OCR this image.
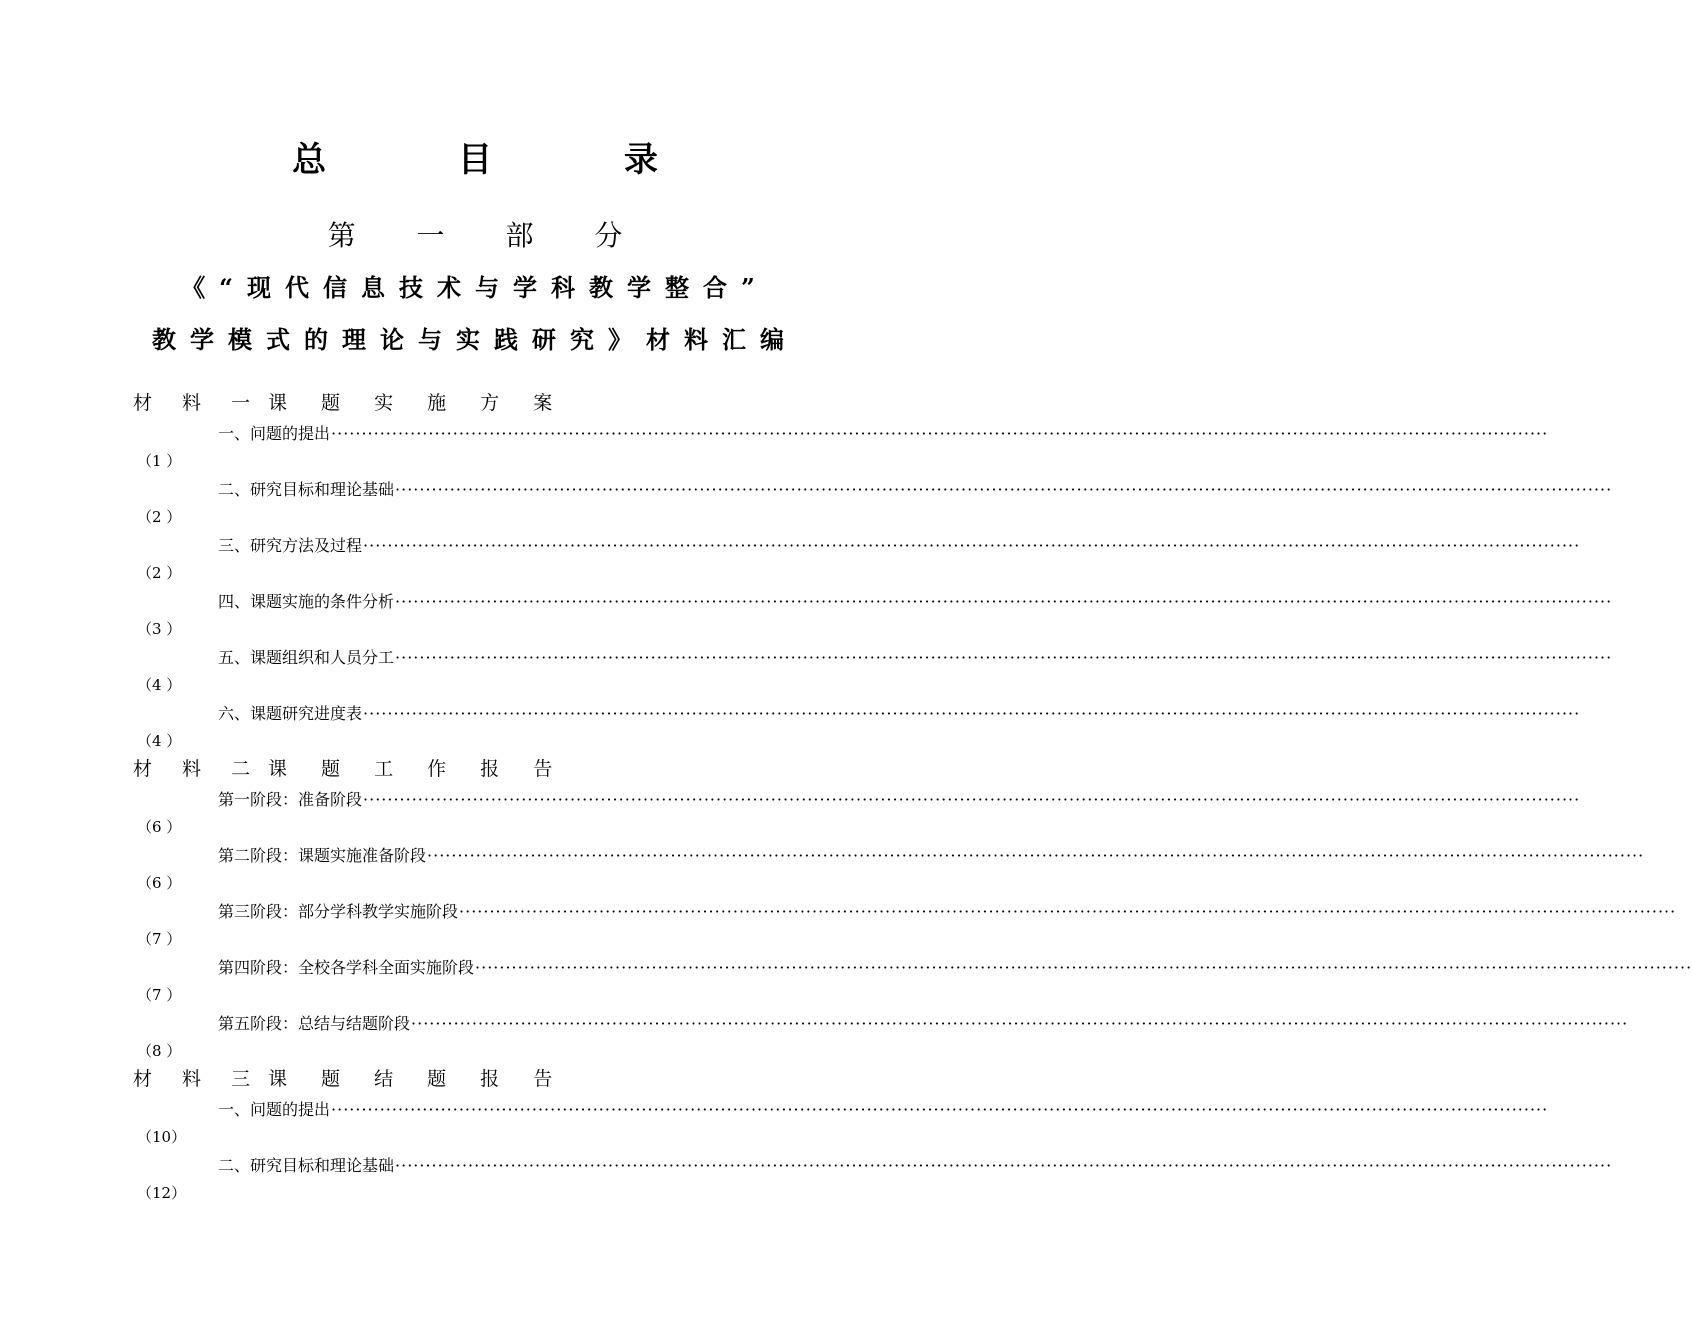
总 目 录
第 一 部 分
《“现代信息技术与学科教学整合”
教学模式的理论与实践研究》材料汇编
材 料 一 课 题 实 施 方 案
一、问题的提出 ········································································································································································································
（1 ）
二、研究目标和理论基础 ········································································································································································································
（2 ）
三、研究方法及过程 ········································································································································································································
（2 ）
四、课题实施的条件分析 ········································································································································································································
（3 ）
五、课题组织和人员分工 ········································································································································································································
（4 ）
六、课题研究进度表 ········································································································································································································
（4 ）
材 料 二 课 题 工 作 报 告
第一阶段：准备阶段 ········································································································································································································
（6 ）
第二阶段：课题实施准备阶段 ········································································································································································································
（6 ）
第三阶段：部分学科教学实施阶段 ········································································································································································································
（7 ）
第四阶段：全校各学科全面实施阶段 ········································································································································································································
（7 ）
第五阶段：总结与结题阶段 ········································································································································································································
（8 ）
材 料 三 课 题 结 题 报 告
一、问题的提出 ········································································································································································································
（10）
二、研究目标和理论基础 ········································································································································································································
（12）
